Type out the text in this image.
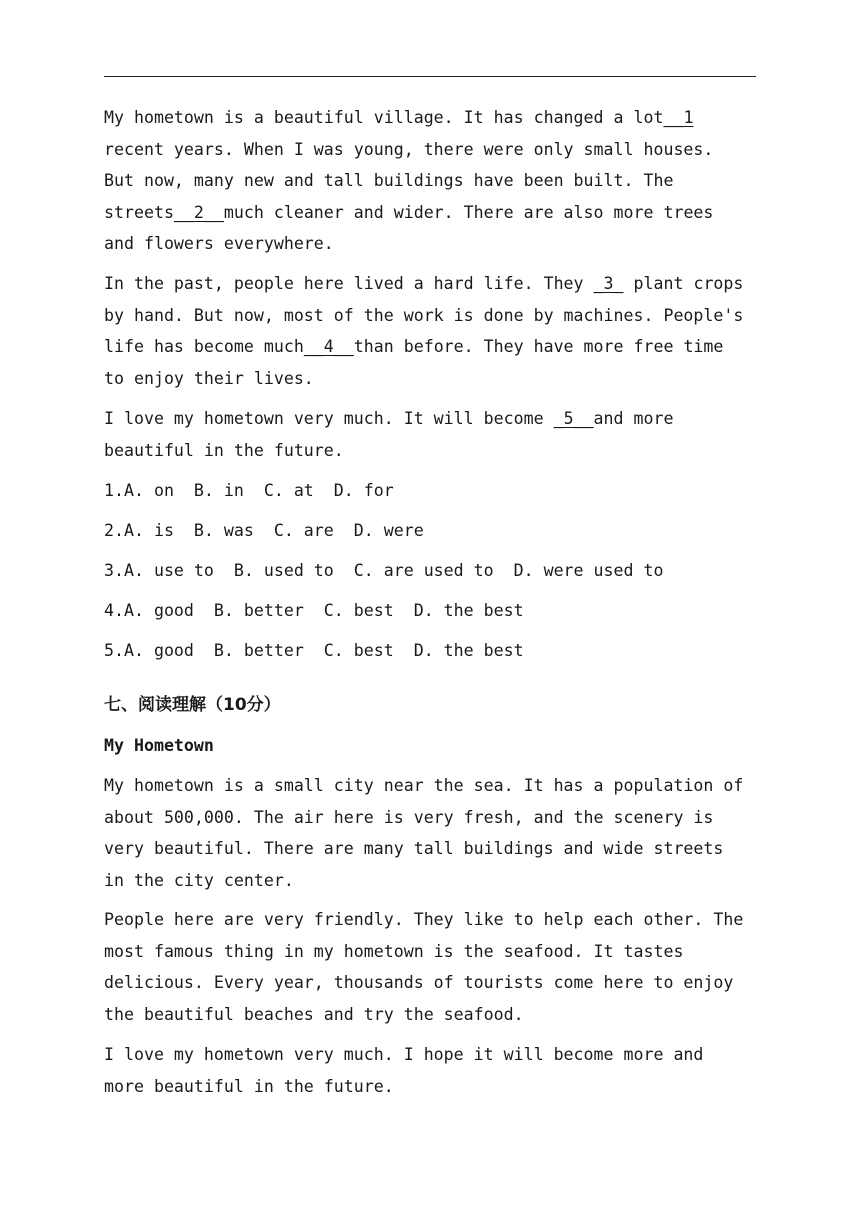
My hometown is a beautiful village. It has changed a lot__1
recent years. When I was young, there were only small houses.
But now, many new and tall buildings have been built. The
streets__2__much cleaner and wider. There are also more trees
and flowers everywhere.
In the past, people here lived a hard life. They _3_ plant crops
by hand. But now, most of the work is done by machines. People's
life has become much__4__than before. They have more free time
to enjoy their lives.
I love my hometown very much. It will become _5__and more
beautiful in the future.
1.A. on  B. in  C. at  D. for
2.A. is  B. was  C. are  D. were
3.A. use to  B. used to  C. are used to  D. were used to
4.A. good  B. better  C. best  D. the best
5.A. good  B. better  C. best  D. the best
七、阅读理解（10分）
My Hometown
My hometown is a small city near the sea. It has a population of
about 500,000. The air here is very fresh, and the scenery is
very beautiful. There are many tall buildings and wide streets
in the city center.
People here are very friendly. They like to help each other. The
most famous thing in my hometown is the seafood. It tastes
delicious. Every year, thousands of tourists come here to enjoy
the beautiful beaches and try the seafood.
I love my hometown very much. I hope it will become more and
more beautiful in the future.
